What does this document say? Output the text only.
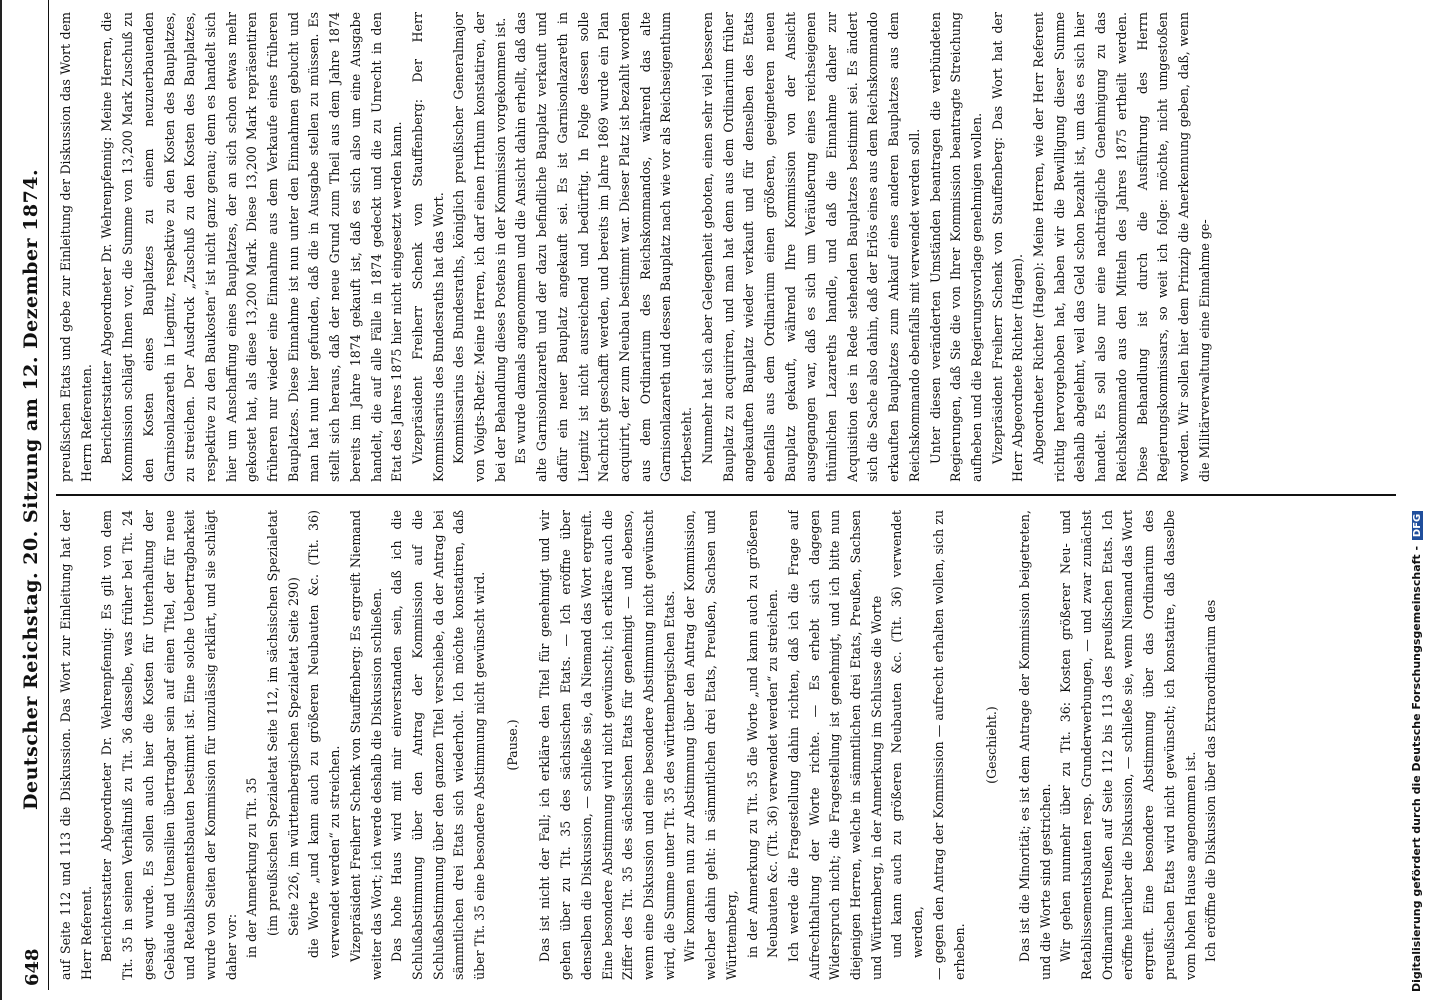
648
Deutscher Reichstag. 20. Sitzung am 12. Dezember 1874. auf Seite 112 und 113 die Diskussion. Das Wort zur Einleitung hat der Herr Referent. Berichterstatter Abgeordneter Dr. Wehrenpfennig: Es gilt von dem Tit. 35 in seinen Verhältniß zu Tit. 36 dasselbe, was früher bei Tit. 24 gesagt wurde. Es sollen auch hier die Kosten für Unterhaltung der Gebäude und Utensilien übertragbar sein auf einen Titel, der für neue und Retablissementsbauten bestimmt ist. Eine solche Uebertragbarkeit wurde von Seiten der Kommission für unzulässig erklärt, und sie schlägt daher vor: in der Anmerkung zu Tit. 35 (im preußischen Spezialetat Seite 112, im sächsischen Spezialetat Seite 226, im württembergischen Spezialetat Seite 290) die Worte „und kann auch zu größeren Neubauten &c. (Tit. 36) verwendet werden“ zu streichen. Vizepräsident Freiherr Schenk von Stauffenberg: Es ergreift Niemand weiter das Wort; ich werde deshalb die Diskussion schließen. Das hohe Haus wird mit mir einverstanden sein, daß ich die Schlußabstimmung über den Antrag der Kommission auf die Schlußabstimmung über den ganzen Titel verschiebe, da der Antrag bei sämmtlichen drei Etats sich wiederholt. Ich möchte konstatiren, daß über Tit. 35 eine besondere Abstimmung nicht gewünscht wird. (Pause.) Das ist nicht der Fall; ich erkläre den Titel für genehmigt und wir gehen über zu Tit. 35 des sächsischen Etats. — Ich eröffne über denselben die Diskussion, — schließe sie, da Niemand das Wort ergreift. Eine besondere Abstimmung wird nicht gewünscht; ich erkläre auch die Ziffer des Tit. 35 des sächsischen Etats für genehmigt — und ebenso, wenn eine Diskussion und eine besondere Abstimmung nicht gewünscht wird, die Summe unter Tit. 35 des württembergischen Etats. Wir kommen nun zur Abstimmung über den Antrag der Kommission, welcher dahin geht: in sämmtlichen drei Etats, Preußen, Sachsen und Württemberg, in der Anmerkung zu Tit. 35 die Worte „und kann auch zu größeren Neubauten &c. (Tit. 36) verwendet werden“ zu streichen. Ich werde die Fragestellung dahin richten, daß ich die Frage auf Aufrechthaltung der Worte richte. — Es erhebt sich dagegen Widerspruch nicht; die Fragestellung ist genehmigt, und ich bitte nun diejenigen Herren, welche in sämmtlichen drei Etats, Preußen, Sachsen und Württemberg, in der Anmerkung im Schlusse die Worte und kann auch zu größeren Neubauten &c. (Tit. 36) verwendet werden, — gegen den Antrag der Kommission — aufrecht erhalten wollen, sich zu erheben.

(Geschieht.) Das ist die Minorität; es ist dem Antrage der Kommission beigetreten, und die Worte sind gestrichen. Wir gehen nunmehr über zu Tit. 36: Kosten größerer Neu- und Retablissementsbauten resp. Grunderwerbungen, — und zwar zunächst Ordinarium Preußen auf Seite 112 bis 113 des preußischen Etats. Ich eröffne hierüber die Diskussion, — schließe sie, wenn Niemand das Wort ergreift. Eine besondere Abstimmung über das Ordinarium des preußischen Etats wird nicht gewünscht; ich konstatire, daß dasselbe vom hohen Hause angenommen ist. Ich eröffne die Diskussion über das Extraordinarium des

preußischen Etats und gebe zur Einleitung der Diskussion das Wort dem Herrn Referenten. Berichterstatter Abgeordneter Dr. Wehrenpfennig: Meine Herren, die Kommission schlägt Ihnen vor, die Summe von 13,200 Mark Zuschuß zu den Kosten eines Bauplatzes zu einem neuzuerbauenden Garnisonlazareth in Liegnitz, respektive zu den Kosten des Bauplatzes, zu streichen. Der Ausdruck „Zuschuß zu den Kosten des Bauplatzes, respektive zu den Baukosten“ ist nicht ganz genau; denn es handelt sich hier um Anschaffung eines Bauplatzes, der an sich schon etwas mehr gekostet hat, als diese 13,200 Mark. Diese 13,200 Mark repräsentiren früheren nur wieder eine Einnahme aus dem Verkaufe eines früheren Bauplatzes. Diese Einnahme ist nun unter den Einnahmen gebucht und man hat nun hier gefunden, daß die in Ausgabe stellen zu müssen. Es stellt sich heraus, daß der neue Grund zum Theil aus dem Jahre 1874 bereits im Jahre 1874 gekauft ist, daß es sich also um eine Ausgabe handelt, die auf alle Fälle in 1874 gedeckt und die zu Unrecht in den Etat des Jahres 1875 hier nicht eingesetzt werden kann. Vizepräsident Freiherr Schenk von Stauffenberg: Der Herr Kommissarius des Bundesraths hat das Wort. Kommissarius des Bundesraths, königlich preußischer Generalmajor von Voigts-Rhetz: Meine Herren, ich darf einen Irrthum konstatiren, der bei der Behandlung dieses Postens in der Kommission vorgekommen ist. Es wurde damals angenommen und die Ansicht dahin erhellt, daß das alte Garnisonlazareth und der dazu befindliche Bauplatz verkauft und dafür ein neuer Bauplatz angekauft sei. Es ist Garnisonlazareth in Liegnitz ist nicht ausreichend und bedürftig. In Folge dessen solle Nachricht geschafft werden, und bereits im Jahre 1869 wurde ein Plan acquirirt, der zum Neubau bestimmt war. Dieser Platz ist bezahlt worden aus dem Ordinarium des Reichskommandos, während das alte Garnisonlazareth und dessen Bauplatz nach wie vor als Reichseigenthum fortbesteht. Nunmehr hat sich aber Gelegenheit geboten, einen sehr viel besseren Bauplatz zu acquiriren, und man hat denn aus dem Ordinarium früher angekauften Bauplatz wieder verkauft und für denselben des Etats ebenfalls aus dem Ordinarium einen größeren, geeigneteren neuen Bauplatz gekauft, während Ihre Kommission von der Ansicht ausgegangen war, daß es sich um Veräußerung eines reichseigenen thümlichen Lazareths handle, und daß die Einnahme daher zur Acquisition des in Rede stehenden Bauplatzes bestimmt sei. Es ändert sich die Sache also dahin, daß der Erlös eines aus dem Reichskommando erkauften Bauplatzes zum Ankauf eines anderen Bauplatzes aus dem Reichskommando ebenfalls mit verwendet werden soll. Unter diesen veränderten Umständen beantragen die verbündeten Regierungen, daß Sie die von Ihrer Kommission beantragte Streichung aufheben und die Regierungsvorlage genehmigen wollen. Vizepräsident Freiherr Schenk von Stauffenberg: Das Wort hat der Herr Abgeordnete Richter (Hagen). Abgeordneter Richter (Hagen): Meine Herren, wie der Herr Referent richtig hervorgehoben hat, haben wir die Bewilligung dieser Summe deshalb abgelehnt, weil das Geld schon bezahlt ist, um das es sich hier handelt. Es soll also nur eine nachträgliche Genehmigung zu das Reichskommando aus den Mitteln des Jahres 1875 ertheilt werden. Diese Behandlung ist durch die Ausführung des Herrn Regierungskommissars, so weit ich folge: möchte, nicht umgestoßen worden. Wir sollen hier dem Prinzip die Anerkennung geben, daß, wenn die Militärverwaltung eine Einnahme ge-

Digitalisierung gefördert durch die Deutsche Forschungsgemeinschaft - DFG
